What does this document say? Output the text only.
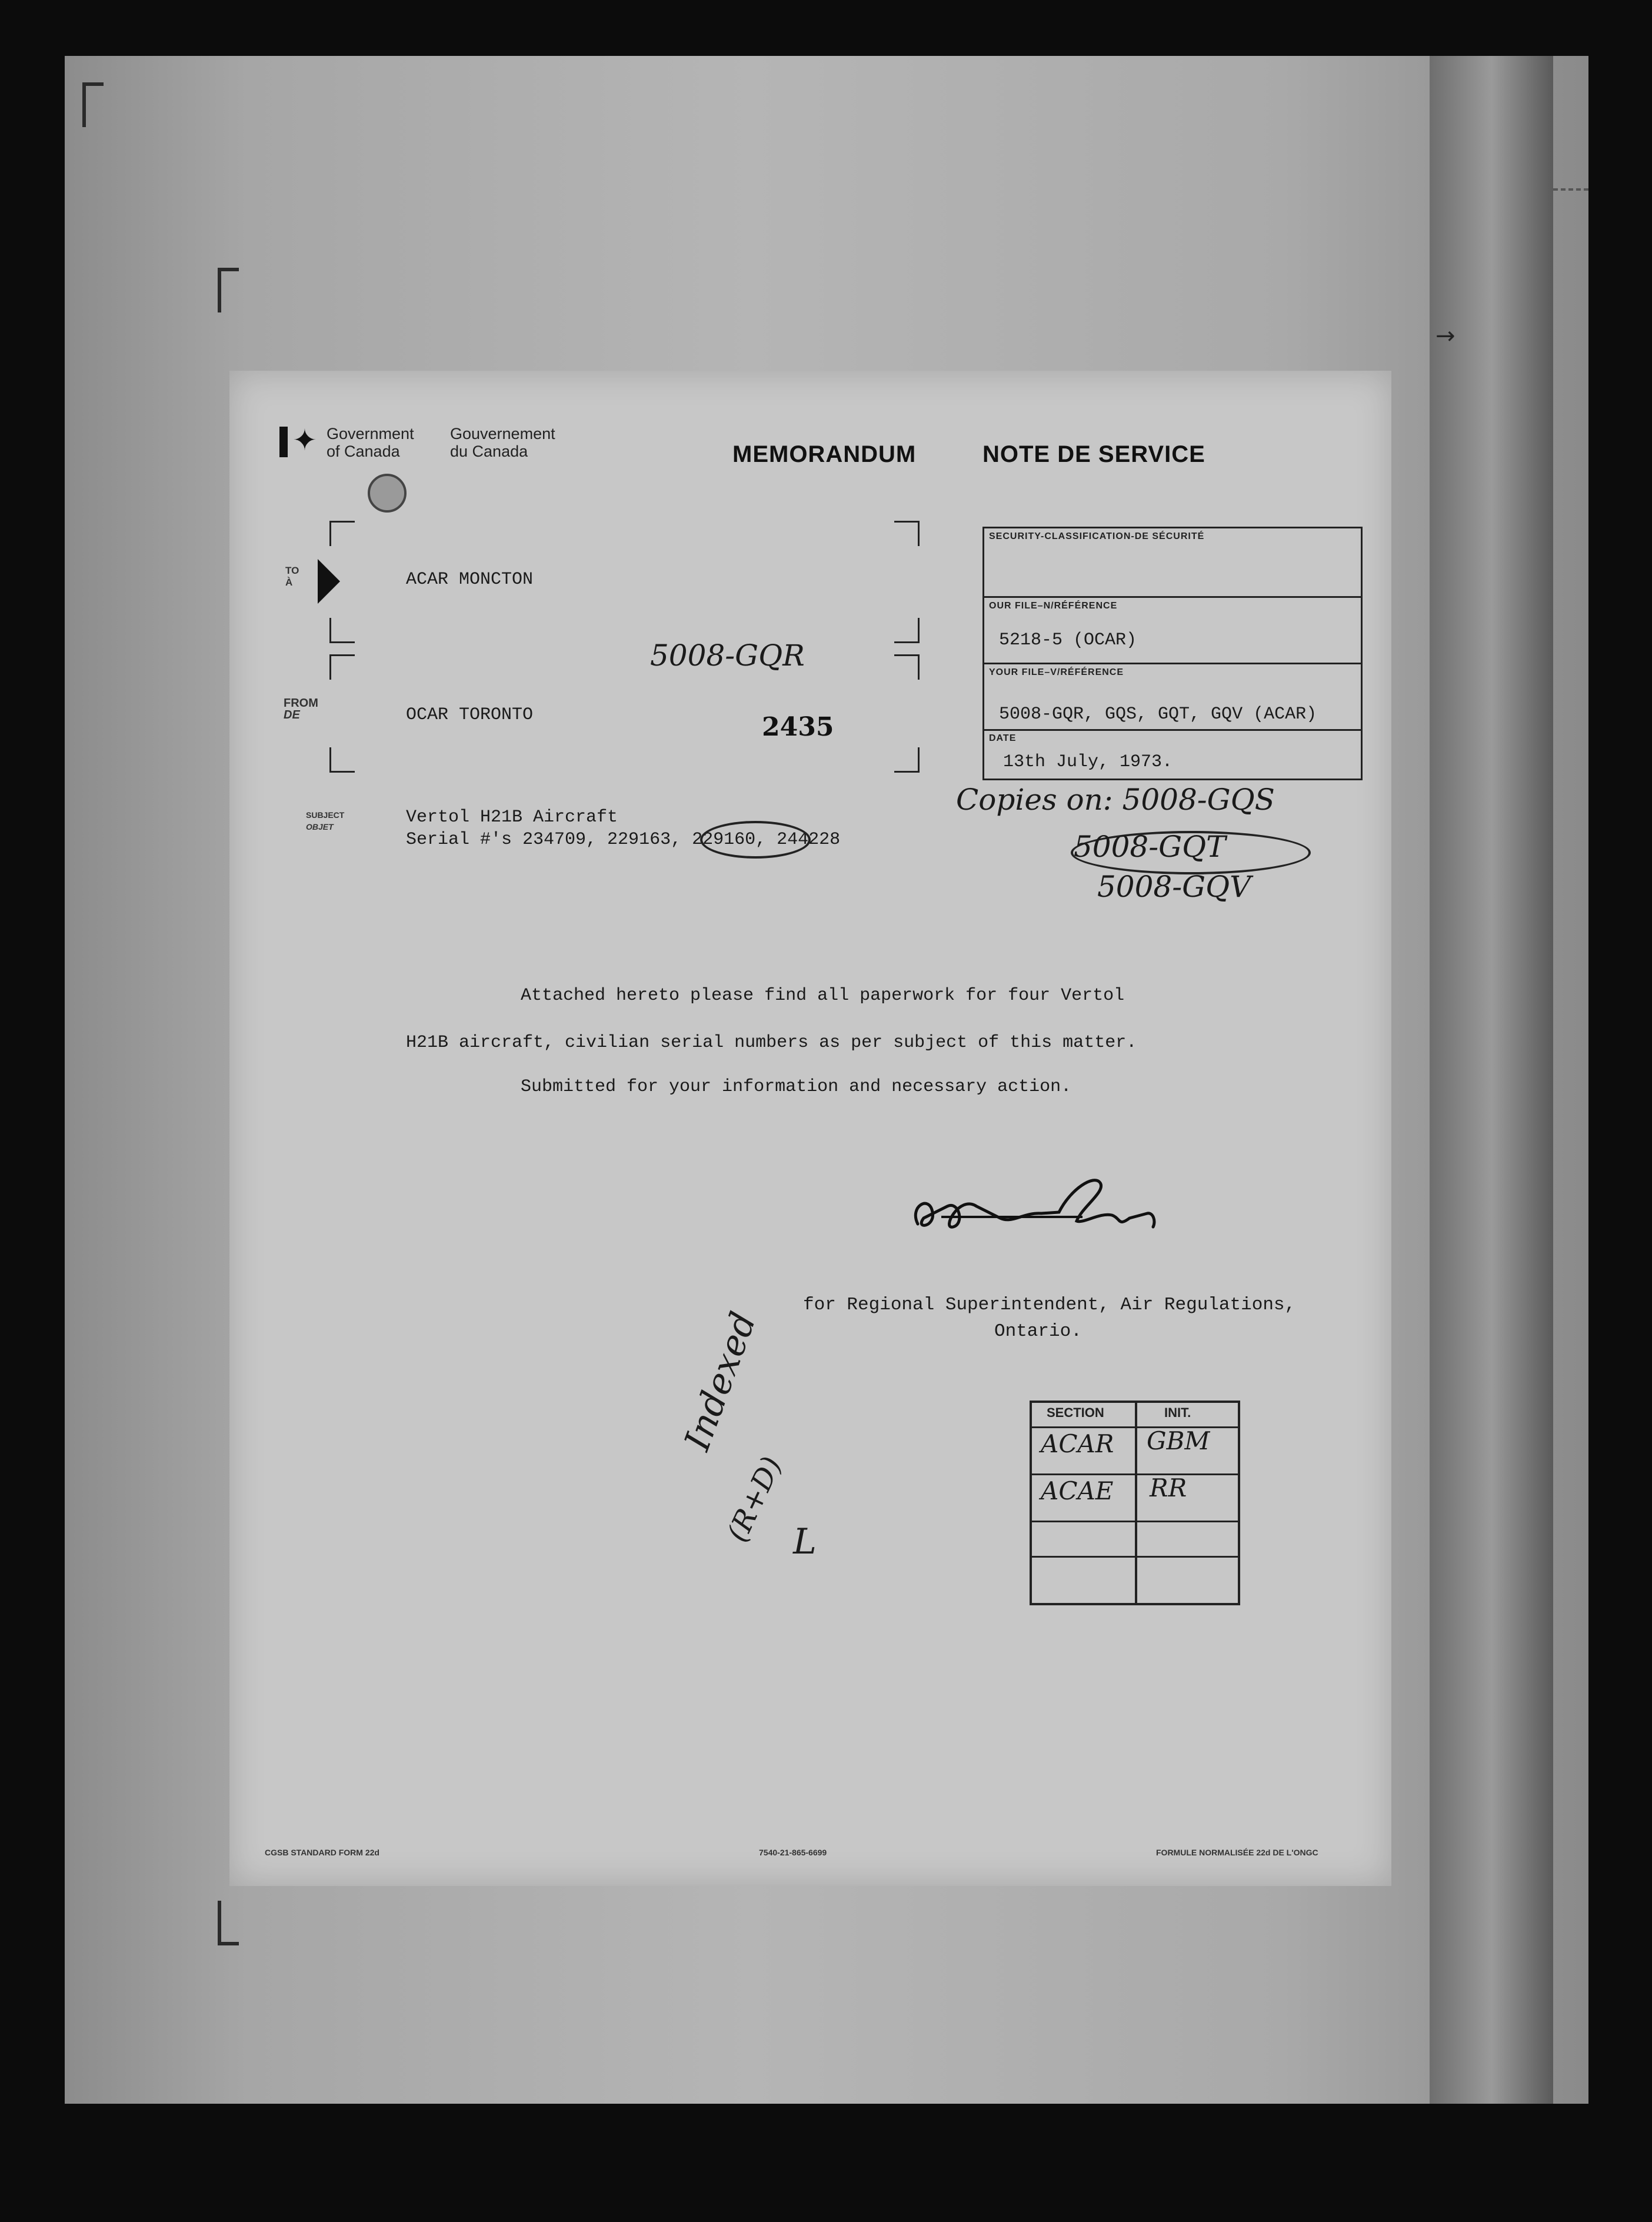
→
✦ Government
of Canada
Gouvernement
du Canada	MEMORANDUM	NOTE DE SERVICE
TO
À	ACAR MONCTON
FROM
DE	OCAR TORONTO
5008-GQR
2435
SECURITY-CLASSIFICATION-DE SÉCURITÉ
OUR FILE–N/RÉFÉRENCE
5218-5 (OCAR)
YOUR FILE–V/RÉFÉRENCE
5008-GQR, GQS, GQT, GQV (ACAR)
DATE
13th July, 1973.
SUBJECT
OBJET	Vertol H21B Aircraft
Serial #'s 234709, 229163, 229160, 244228
Copies on: 5008-GQS
5008-GQT
5008-GQV
Attached hereto please find all paperwork for four Vertol
H21B aircraft, civilian serial numbers as per subject of this matter.
Submitted for your information and necessary action.
for Regional Superintendent, Air Regulations,
Ontario.
SECTION	INIT.
ACAR GBM
ACAE RR
Indexed
(R+D) L
CGSB STANDARD FORM 22d	7540-21-865-6699	FORMULE NORMALISÉE 22d DE L'ONGC
